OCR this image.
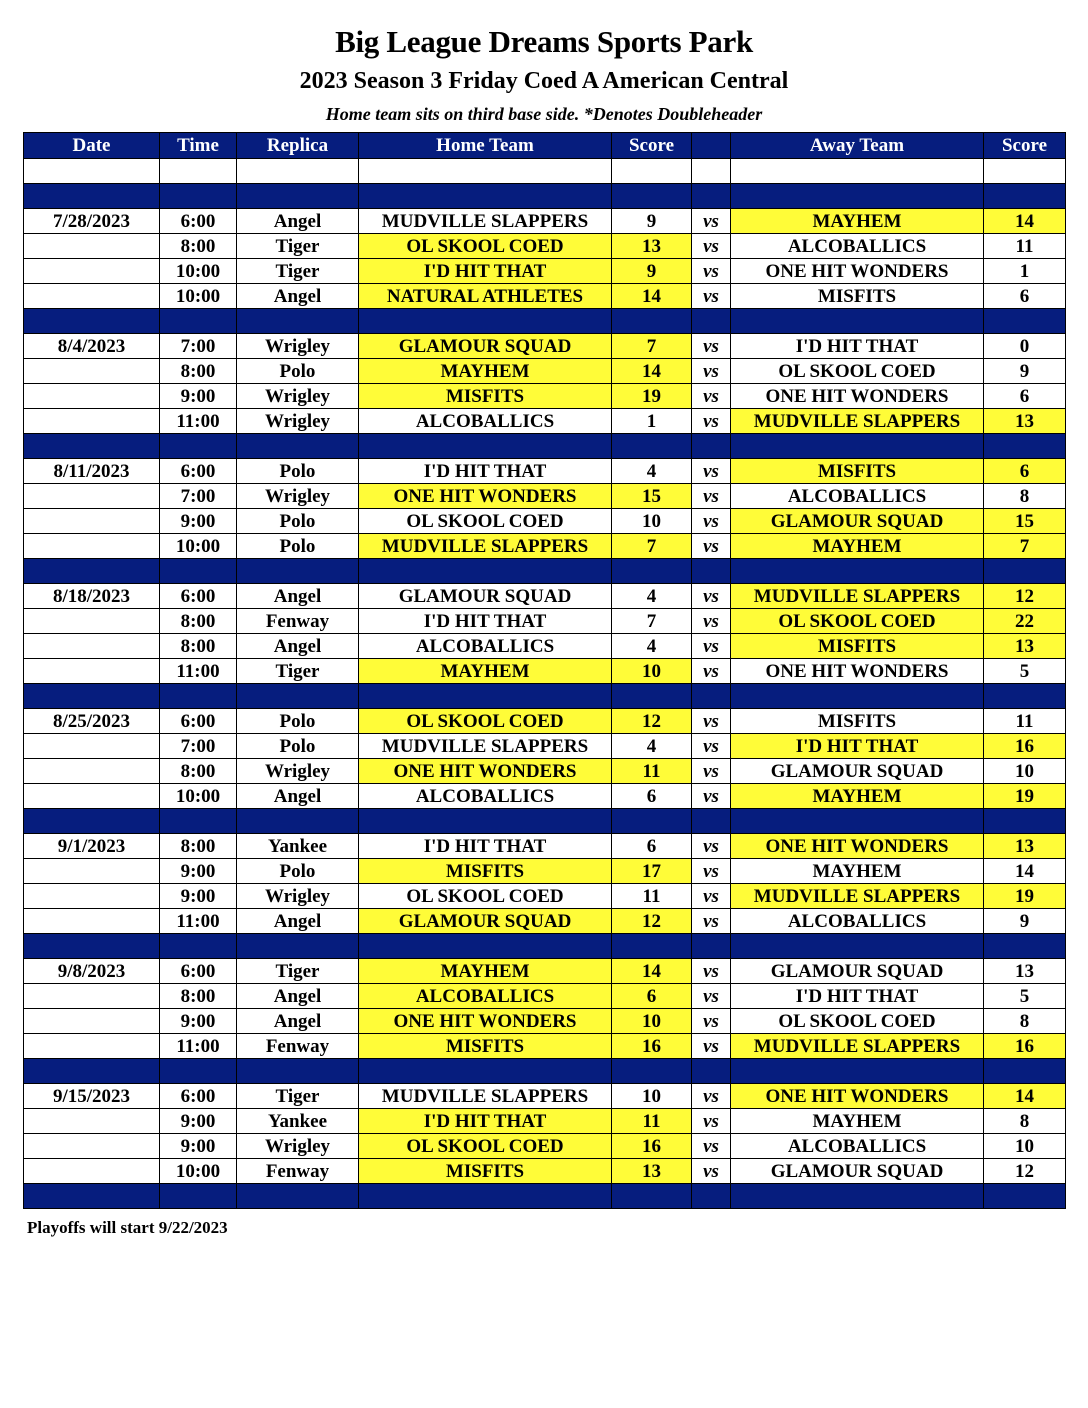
Big League Dreams Sports Park
2023 Season 3 Friday Coed A American Central
Home team sits on third base side. *Denotes Doubleheader
Date	Time	Replica	Home Team	Score		Away Team	Score

7/28/2023	6:00	Angel	MUDVILLE SLAPPERS	9	vs	MAYHEM	14
	8:00	Tiger	OL SKOOL COED	13	vs	ALCOBALLICS	11
	10:00	Tiger	I'D HIT THAT	9	vs	ONE HIT WONDERS	1
	10:00	Angel	NATURAL ATHLETES	14	vs	MISFITS	6

8/4/2023	7:00	Wrigley	GLAMOUR SQUAD	7	vs	I'D HIT THAT	0
	8:00	Polo	MAYHEM	14	vs	OL SKOOL COED	9
	9:00	Wrigley	MISFITS	19	vs	ONE HIT WONDERS	6
	11:00	Wrigley	ALCOBALLICS	1	vs	MUDVILLE SLAPPERS	13

8/11/2023	6:00	Polo	I'D HIT THAT	4	vs	MISFITS	6
	7:00	Wrigley	ONE HIT WONDERS	15	vs	ALCOBALLICS	8
	9:00	Polo	OL SKOOL COED	10	vs	GLAMOUR SQUAD	15
	10:00	Polo	MUDVILLE SLAPPERS	7	vs	MAYHEM	7

8/18/2023	6:00	Angel	GLAMOUR SQUAD	4	vs	MUDVILLE SLAPPERS	12
	8:00	Fenway	I'D HIT THAT	7	vs	OL SKOOL COED	22
	8:00	Angel	ALCOBALLICS	4	vs	MISFITS	13
	11:00	Tiger	MAYHEM	10	vs	ONE HIT WONDERS	5

8/25/2023	6:00	Polo	OL SKOOL COED	12	vs	MISFITS	11
	7:00	Polo	MUDVILLE SLAPPERS	4	vs	I'D HIT THAT	16
	8:00	Wrigley	ONE HIT WONDERS	11	vs	GLAMOUR SQUAD	10
	10:00	Angel	ALCOBALLICS	6	vs	MAYHEM	19

9/1/2023	8:00	Yankee	I'D HIT THAT	6	vs	ONE HIT WONDERS	13
	9:00	Polo	MISFITS	17	vs	MAYHEM	14
	9:00	Wrigley	OL SKOOL COED	11	vs	MUDVILLE SLAPPERS	19
	11:00	Angel	GLAMOUR SQUAD	12	vs	ALCOBALLICS	9

9/8/2023	6:00	Tiger	MAYHEM	14	vs	GLAMOUR SQUAD	13
	8:00	Angel	ALCOBALLICS	6	vs	I'D HIT THAT	5
	9:00	Angel	ONE HIT WONDERS	10	vs	OL SKOOL COED	8
	11:00	Fenway	MISFITS	16	vs	MUDVILLE SLAPPERS	16

9/15/2023	6:00	Tiger	MUDVILLE SLAPPERS	10	vs	ONE HIT WONDERS	14
	9:00	Yankee	I'D HIT THAT	11	vs	MAYHEM	8
	9:00	Wrigley	OL SKOOL COED	16	vs	ALCOBALLICS	10
	10:00	Fenway	MISFITS	13	vs	GLAMOUR SQUAD	12

Playoffs will start 9/22/2023
